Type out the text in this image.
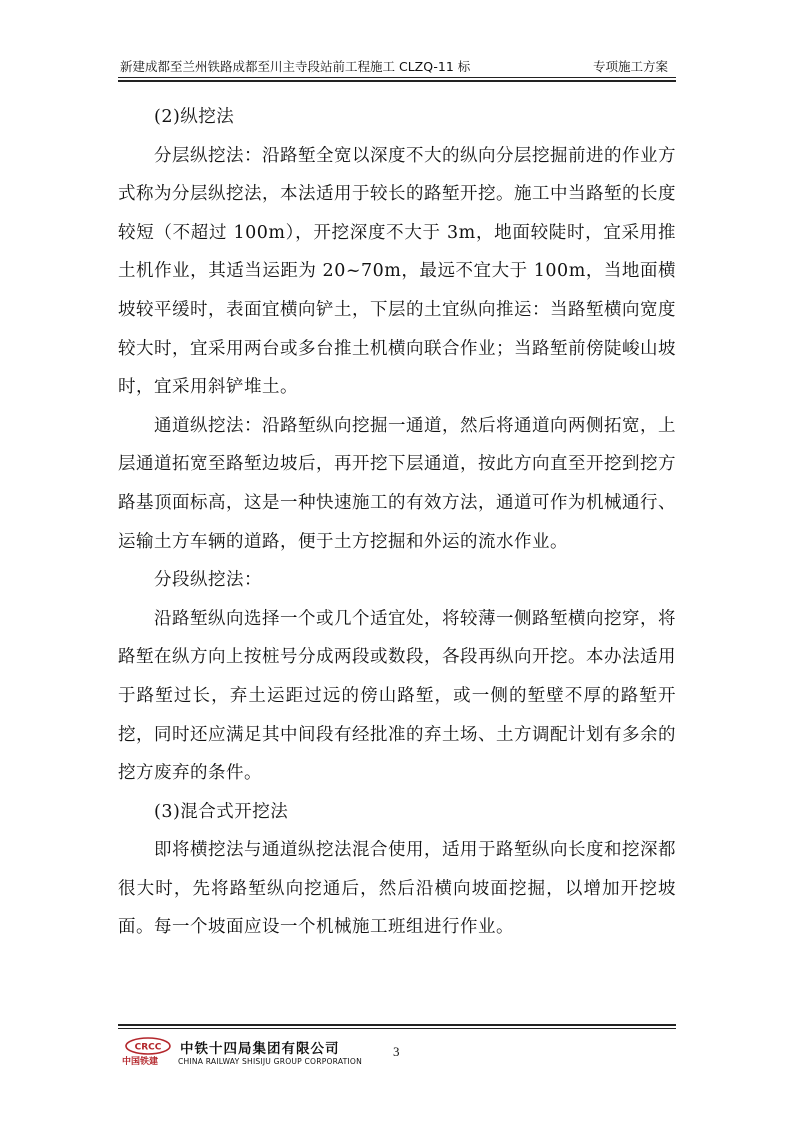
新建成都至兰州铁路成都至川主寺段站前工程施工 CLZQ-11 标	专项施工方案

(2)纵挖法

分层纵挖法：沿路堑全宽以深度不大的纵向分层挖掘前进的作业方式称为分层纵挖法，本法适用于较长的路堑开挖。施工中当路堑的长度较短（不超过 100m），开挖深度不大于 3m，地面较陡时，宜采用推土机作业，其适当运距为 20~70m，最远不宜大于 100m，当地面横坡较平缓时，表面宜横向铲土，下层的土宜纵向推运：当路堑横向宽度较大时，宜采用两台或多台推土机横向联合作业；当路堑前傍陡峻山坡时，宜采用斜铲堆土。

通道纵挖法：沿路堑纵向挖掘一通道，然后将通道向两侧拓宽，上层通道拓宽至路堑边坡后，再开挖下层通道，按此方向直至开挖到挖方路基顶面标高，这是一种快速施工的有效方法，通道可作为机械通行、运输土方车辆的道路，便于土方挖掘和外运的流水作业。

分段纵挖法：

沿路堑纵向选择一个或几个适宜处，将较薄一侧路堑横向挖穿，将路堑在纵方向上按桩号分成两段或数段，各段再纵向开挖。本办法适用于路堑过长，弃土运距过远的傍山路堑，或一侧的堑壁不厚的路堑开挖，同时还应满足其中间段有经批准的弃土场、土方调配计划有多余的挖方废弃的条件。

(3)混合式开挖法

即将横挖法与通道纵挖法混合使用，适用于路堑纵向长度和挖深都很大时，先将路堑纵向挖通后，然后沿横向坡面挖掘，以增加开挖坡面。每一个坡面应设一个机械施工班组进行作业。

CRCC
中国铁建
中铁十四局集团有限公司
CHINA RAILWAY SHISIJU GROUP CORPORATION
3
